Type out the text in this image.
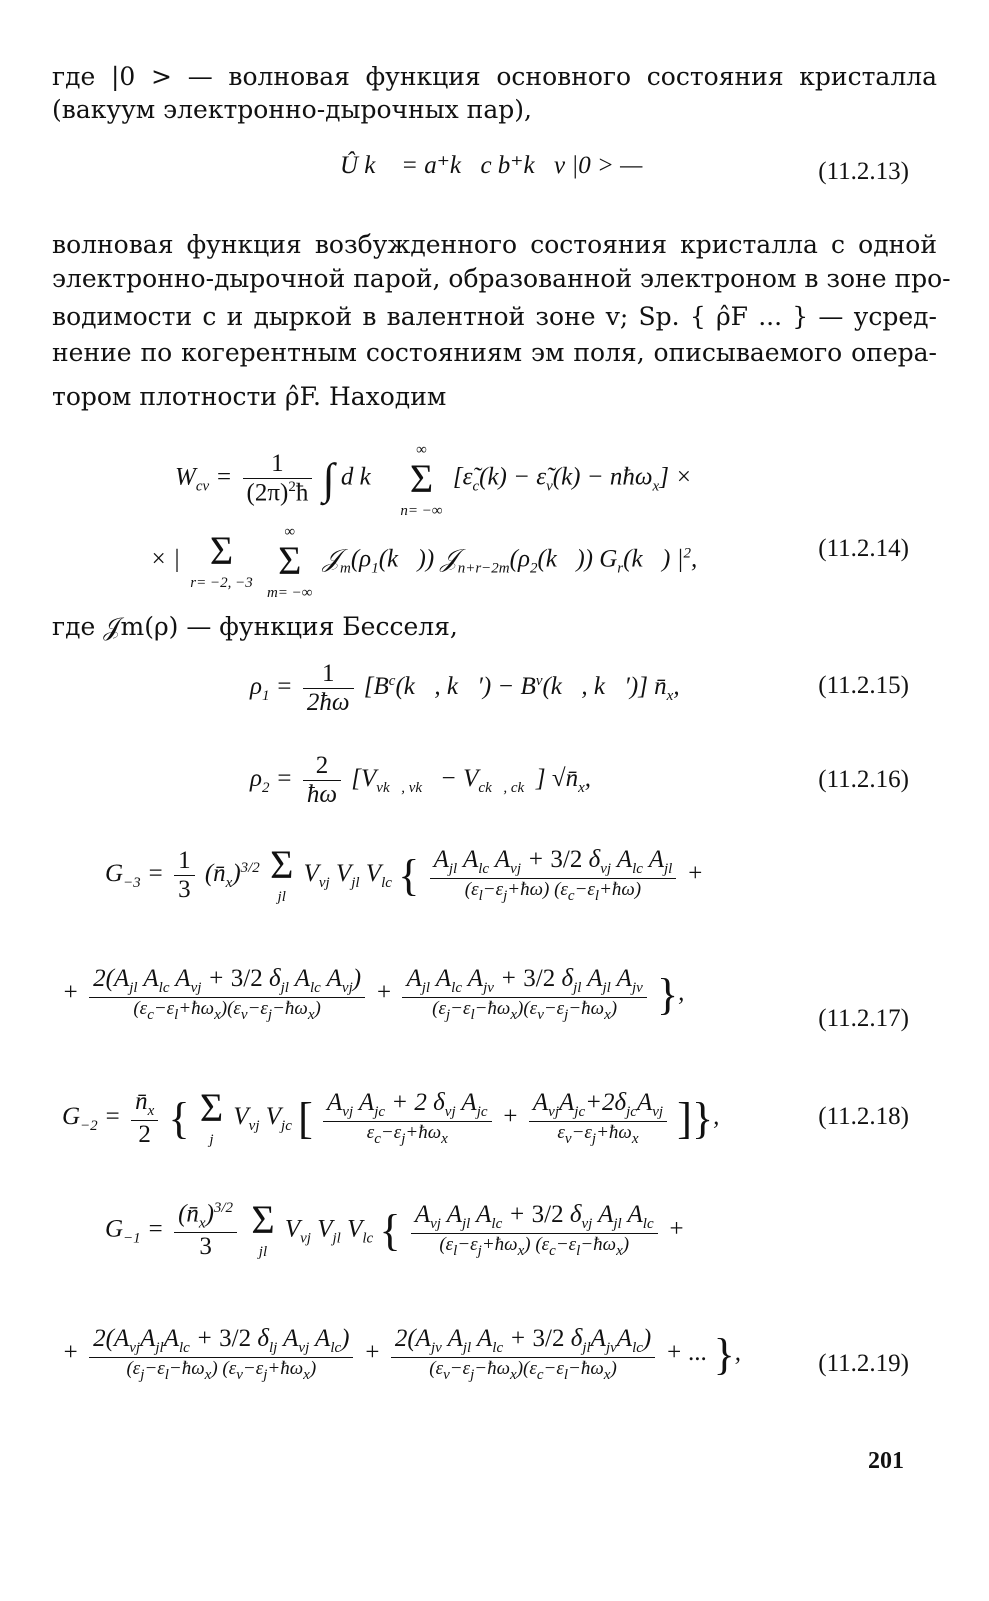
где |0 > — волновая функция основного состояния кристалла
(вакуум электронно-дырочных пар),
Û k⃗ = a⁺k⃗c b⁺k⃗v |0 > —	(11.2.13)
волновая функция возбужденного состояния кристалла с одной
электронно-дырочной парой, образованной электроном в зоне про-
водимости c и дыркой в валентной зоне v; Sp. { ρ̂F ... } — усред-
нение по когерентным состояниям эм поля, описываемого опера-
тором плотности ρ̂F. Находим
$W_{cv} = \frac{1}{(2\pi)^2ħ}$ ∫ d k⃗ ∞
Σ
n= −∞ [$\varepsiloñ_c(k)$ − $\varepsiloñ_v(k)$ − nħω$_x$] ×
× | Σ
r= −2, −3 ∞
Σ
m= −∞ $𝒥_m(\rho_1(k⃗))$ $𝒥_{n+r-2m}(\rho_2(k⃗))$ $G_r(k⃗)$ $|^2$,	(11.2.14)
где 𝒥m(ρ) — функция Бесселя,
$\rho_1 = \frac{1}{2ħ\omega}$ [$B^c(k⃗$, k⃗′) − $B^v(k⃗$, k⃗′)] $n̄_x$,	(11.2.15)
$\rho_2 = \frac{2}{ħ\omega} [V_{vk⃗, vk⃗} - V_{ck⃗, ck⃗}]$ $√n̄_x$,	(11.2.16)
$G_{-3} = \frac{1}{3}$ $(n̄_x)^{3/2}$ Σ
jl $V_{vj}$ $V_{jl}$ $V_{lc}$ { $\frac{A_{jl} A_{lc} A_{vj} + 3/2 \delta_{vj} A_{lc} A_{jl}}{(\varepsilon_l-\varepsilon_j+ħ\omega) (\varepsilon_c-\varepsilon_l+ħ\omega)}$ +
+ $\frac{2(A_{jl} A_{lc} A_{vj} + 3/2 \delta_{jl} A_{lc} A_{vj})}{(\varepsilon_c-\varepsilon_l+ħ\omega_x)(\varepsilon_v-\varepsilon_j-ħ\omega_x)} + \frac{A_{jl} A_{lc} A_{jv} + 3/2 \delta_{jl} A_{jl} A_{jv}}{(\varepsilon_j-\varepsilon_l-ħ\omega_x)(\varepsilon_v-\varepsilon_j-ħ\omega_x)}$ },
(11.2.17)
$G_{-2} = \frac{n̄_x}{2}$ { Σ
j $V_{vj}$ $V_{jc}$ [ $\frac{A_{vj} A_{jc} + 2 \delta_{vj} A_{jc}}{\varepsilon_c-\varepsilon_j+ħ\omega_x} + \frac{A_{vj}A_{jc}+2\delta_{jc}A_{vj}}{\varepsilon_v-\varepsilon_j+ħ\omega_x}$ ]},	(11.2.18)
$G_{-1} = \frac{(n̄_x)^{3/2}}{3}$ Σ
jl $V_{vj}$ $V_{jl}$ $V_{lc}$ { $\frac{A_{vj} A_{jl} A_{lc} + 3/2 \delta_{vj} A_{jl} A_{lc}}{(\varepsilon_l-\varepsilon_j+ħ\omega_x) (\varepsilon_c-\varepsilon_l-ħ\omega_x)}$ +
+ $\frac{2(A_{vj}A_{jl}A_{lc} + 3/2 \delta_{lj} A_{vj} A_{lc})}{(\varepsilon_j-\varepsilon_l-ħ\omega_x) (\varepsilon_v-\varepsilon_j+ħ\omega_x)} + \frac{2(A_{jv} A_{jl} A_{lc} + 3/2 \delta_{jl}A_{jv}A_{lc})}{(\varepsilon_v-\varepsilon_j-ħ\omega_x)(\varepsilon_c-\varepsilon_l-ħ\omega_x)}$ + ... },	(11.2.19)
201
